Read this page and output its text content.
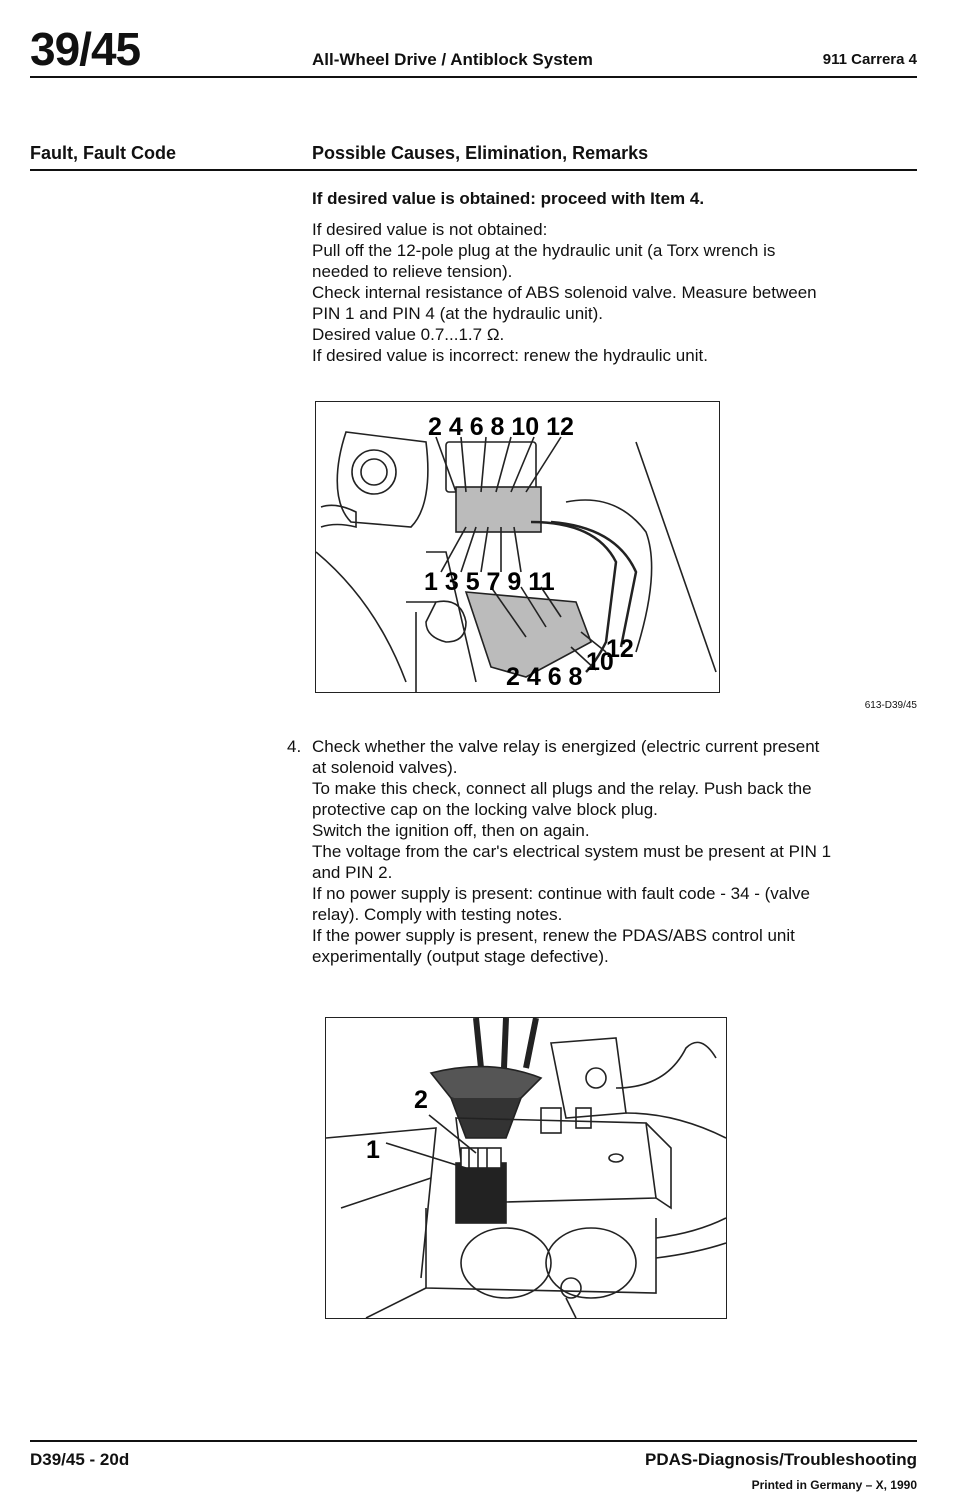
39/45	All-Wheel Drive / Antiblock System	911 Carrera 4
Fault, Fault Code	Possible Causes, Elimination, Remarks
If desired value is obtained: proceed with Item 4.
If desired value is not obtained:
Pull off the 12-pole plug at the hydraulic unit (a Torx wrench is
needed to relieve tension).
Check internal resistance of ABS solenoid valve. Measure between
PIN 1 and PIN 4 (at the hydraulic unit).
Desired value 0.7...1.7 Ω.
If desired value is incorrect: renew the hydraulic unit.
2 4 6 8 10 12
1 3 5 7 9 11
2 4 6 8
10
12
613-D39/45
4. Check whether the valve relay is energized (electric current present
at solenoid valves).
To make this check, connect all plugs and the relay. Push back the
protective cap on the locking valve block plug.
Switch the ignition off, then on again.
The voltage from the car's electrical system must be present at PIN 1
and PIN 2.
If no power supply is present: continue with fault code - 34 - (valve
relay). Comply with testing notes.
If the power supply is present, renew the PDAS/ABS control unit
experimentally (output stage defective).
1
2
D39/45 - 20d	PDAS-Diagnosis/Troubleshooting
Printed in Germany – X, 1990
